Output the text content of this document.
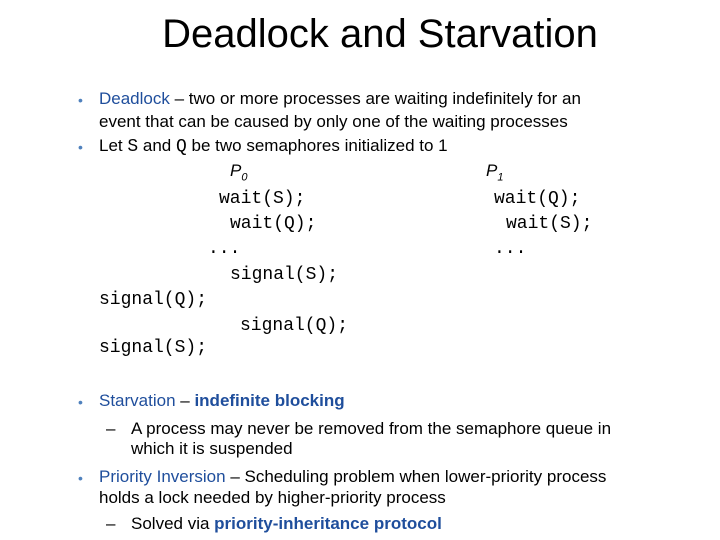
Deadlock and Starvation
• Deadlock – two or more processes are waiting indefinitely for an
event that can be caused by only one of the waiting processes
• Let S and Q be two semaphores initialized to 1
$P_0$	$P_1$
wait(S);	wait(Q);
wait(Q);	wait(S);
...	...
signal(S);
signal(Q);
signal(Q);
signal(S);
• Starvation – indefinite blocking
– A process may never be removed from the semaphore queue in
which it is suspended
• Priority Inversion – Scheduling problem when lower-priority process
holds a lock needed by higher-priority process
– Solved via priority-inheritance protocol
